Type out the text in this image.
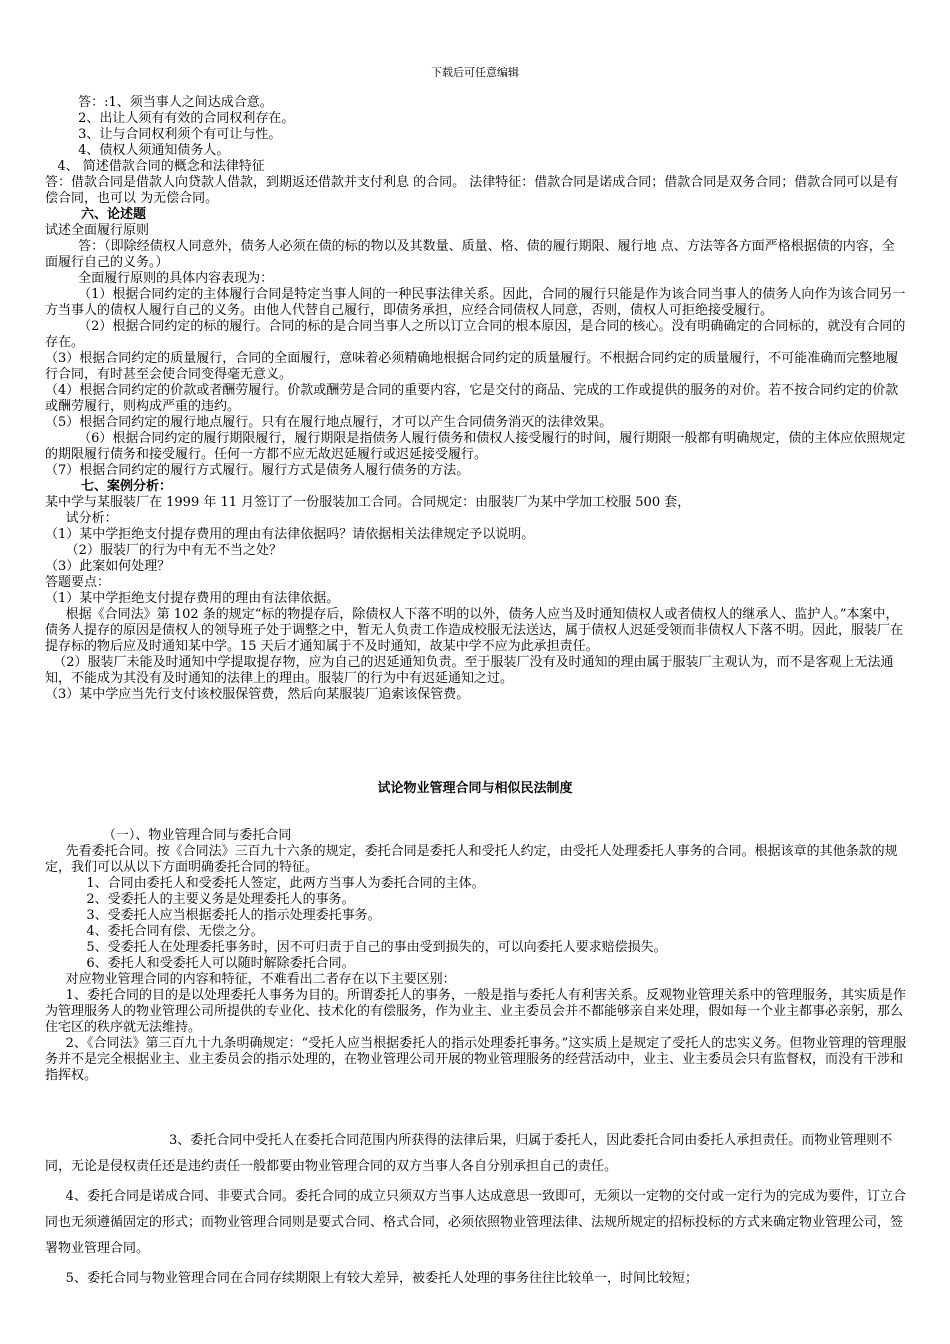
下载后可任意编辑

答：:1、须当事人之间达成合意。

2、出让人须有有效的合同权利存在。

3、让与合同权利须个有可让与性。

4、债权人须通知债务人。

4、 简述借款合同的概念和法律特征

答：借款合同是借款人向贷款人借款，到期返还借款并支付利息 的合同。 法律特征：借款合同是诺成合同；借款合同是双务合同；借款合同可以是有偿合同，也可以 为无偿合同。

六、论述题

试述全面履行原则

答：（即除经债权人同意外，债务人必须在债的标的物以及其数量、质量、格、债的履行期限、履行地 点、方法等各方面严格根据债的内容，全面履行自己的义务。）

全面履行原则的具体内容表现为：

（1）根据合同约定的主体履行合同是特定当事人间的一种民事法律关系。因此，合同的履行只能是作为该合同当事人的债务人向作为该合同另一方当事人的债权人履行自己的义务。由他人代替自己履行，即债务承担，应经合同债权人同意，否则，债权人可拒绝接受履行。

（2）根据合同约定的标的履行。合同的标的是合同当事人之所以订立合同的根本原因，是合同的核心。没有明确确定的合同标的，就没有合同的存在。

（3）根据合同约定的质量履行，合同的全面履行，意味着必须精确地根据合同约定的质量履行。不根据合同约定的质量履行，不可能准确而完整地履行合同，有时甚至会使合同变得毫无意义。

（4）根据合同约定的价款或者酬劳履行。价款或酬劳是合同的重要内容，它是交付的商品、完成的工作或提供的服务的对价。若不按合同约定的价款或酬劳履行，则构成严重的违约。

（5）根据合同约定的履行地点履行。只有在履行地点履行，才可以产生合同债务消灭的法律效果。

（6）根据合同约定的履行期限履行，履行期限是指债务人履行债务和债权人接受履行的时间，履行期限一般都有明确规定，债的主体应依照规定的期限履行债务和接受履行。任何一方都不应无故迟延履行或迟延接受履行。

（7）根据合同约定的履行方式履行。履行方式是债务人履行债务的方法。

七、案例分析：

某中学与某服装厂在 1999 年 11 月签订了一份服装加工合同。合同规定：由服装厂为某中学加工校服 500 套，

试分析：

（1）某中学拒绝支付提存费用的理由有法律依据吗？请依据相关法律规定予以说明。

（2）服装厂的行为中有无不当之处？

（3）此案如何处理？

答题要点：

（1）某中学拒绝支付提存费用的理由有法律依据。

根据《合同法》第 102 条的规定“标的物提存后，除债权人下落不明的以外，债务人应当及时通知债权人或者债权人的继承人、监护人。”本案中，债务人提存的原因是债权人的领导班子处于调整之中，暂无人负责工作造成校服无法送达，属于债权人迟延受领而非债权人下落不明。因此，服装厂在提存标的物后应及时通知某中学。15 天后才通知属于不及时通知，故某中学不应为此承担责任。

（2）服装厂未能及时通知中学提取提存物，应为自己的迟延通知负责。至于服装厂没有及时通知的理由属于服装厂主观认为，而不是客观上无法通知，不能成为其没有及时通知的法律上的理由。服装厂的行为中有迟延通知之过。

（3）某中学应当先行支付该校服保管费，然后向某服装厂追索该保管费。

试论物业管理合同与相似民法制度

（一）、物业管理合同与委托合同

先看委托合同。按《合同法》三百九十六条的规定，委托合同是委托人和受托人约定，由受托人处理委托人事务的合同。根据该章的其他条款的规定，我们可以从以下方面明确委托合同的特征。

1、合同由委托人和受委托人签定，此两方当事人为委托合同的主体。

2、受委托人的主要义务是处理委托人的事务。

3、受委托人应当根据委托人的指示处理委托事务。

4、委托合同有偿、无偿之分。

5、受委托人在处理委托事务时，因不可归责于自己的事由受到损失的，可以向委托人要求赔偿损失。

6、委托人和受委托人可以随时解除委托合同。

对应物业管理合同的内容和特征，不难看出二者存在以下主要区别：

1、委托合同的目的是以处理委托人事务为目的。所谓委托人的事务，一般是指与委托人有利害关系。反观物业管理关系中的管理服务，其实质是作为管理服务人的物业管理公司所提供的专业化、技术化的有偿服务，作为业主、业主委员会并不都能够亲自来处理，假如每一个业主都事必亲躬，那么住宅区的秩序就无法维持。

2、《合同法》第三百九十九条明确规定：“受托人应当根据委托人的指示处理委托事务。”这实质上是规定了受托人的忠实义务。但物业管理的管理服务并不是完全根据业主、业主委员会的指示处理的，在物业管理公司开展的物业管理服务的经营活动中，业主、业主委员会只有监督权，而没有干涉和指挥权。

3、委托合同中受托人在委托合同范围内所获得的法律后果，归属于委托人，因此委托合同由委托人承担责任。而物业管理则不同，无论是侵权责任还是违约责任一般都要由物业管理合同的双方当事人各自分别承担自己的责任。

4、委托合同是诺成合同、非要式合同。委托合同的成立只须双方当事人达成意思一致即可，无须以一定物的交付或一定行为的完成为要件，订立合同也无须遵循固定的形式；而物业管理合同则是要式合同、格式合同，必须依照物业管理法律、法规所规定的招标投标的方式来确定物业管理公司，签署物业管理合同。

5、委托合同与物业管理合同在合同存续期限上有较大差异，被委托人处理的事务往往比较单一，时间比较短；
